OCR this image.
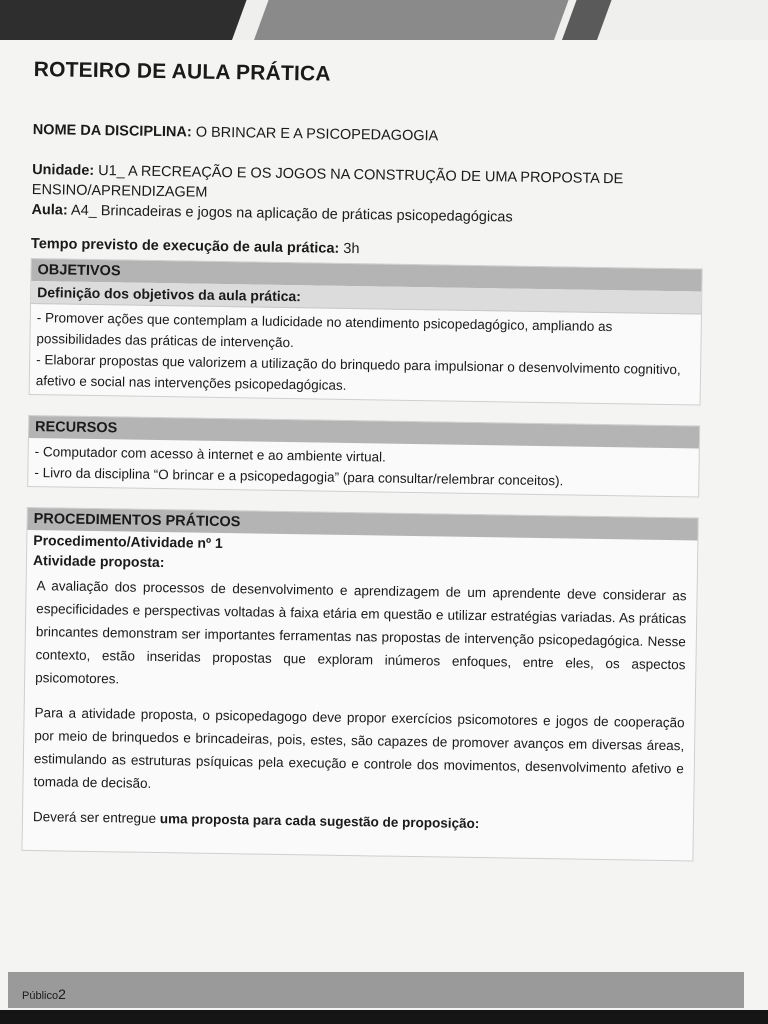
ROTEIRO DE AULA PRÁTICA
NOME DA DISCIPLINA: O BRINCAR E A PSICOPEDAGOGIA
Unidade: U1_ A RECREAÇÃO E OS JOGOS NA CONSTRUÇÃO DE UMA PROPOSTA DE
ENSINO/APRENDIZAGEM
Aula: A4_ Brincadeiras e jogos na aplicação de práticas psicopedagógicas
Tempo previsto de execução de aula prática: 3h
OBJETIVOS
Definição dos objetivos da aula prática:

- Promover ações que contemplam a ludicidade no atendimento psicopedagógico, ampliando as possibilidades das práticas de intervenção.

- Elaborar propostas que valorizem a utilização do brinquedo para impulsionar o desenvolvimento cognitivo, afetivo e social nas intervenções psicopedagógicas.

RECURSOS

- Computador com acesso à internet e ao ambiente virtual.

- Livro da disciplina “O brincar e a psicopedagogia” (para consultar/relembrar conceitos).

PROCEDIMENTOS PRÁTICOS
Procedimento/Atividade nº 1
Atividade proposta:

A avaliação dos processos de desenvolvimento e aprendizagem de um aprendente deve considerar as especificidades e perspectivas voltadas à faixa etária em questão e utilizar estratégias variadas. As práticas brincantes demonstram ser importantes ferramentas nas propostas de intervenção psicopedagógica. Nesse contexto, estão inseridas propostas que exploram inúmeros enfoques, entre eles, os aspectos psicomotores.

Para a atividade proposta, o psicopedagogo deve propor exercícios psicomotores e jogos de cooperação por meio de brinquedos e brincadeiras, pois, estes, são capazes de promover avanços em diversas áreas, estimulando as estruturas psíquicas pela execução e controle dos movimentos, desenvolvimento afetivo e tomada de decisão.

Deverá ser entregue uma proposta para cada sugestão de proposição:

Público2
